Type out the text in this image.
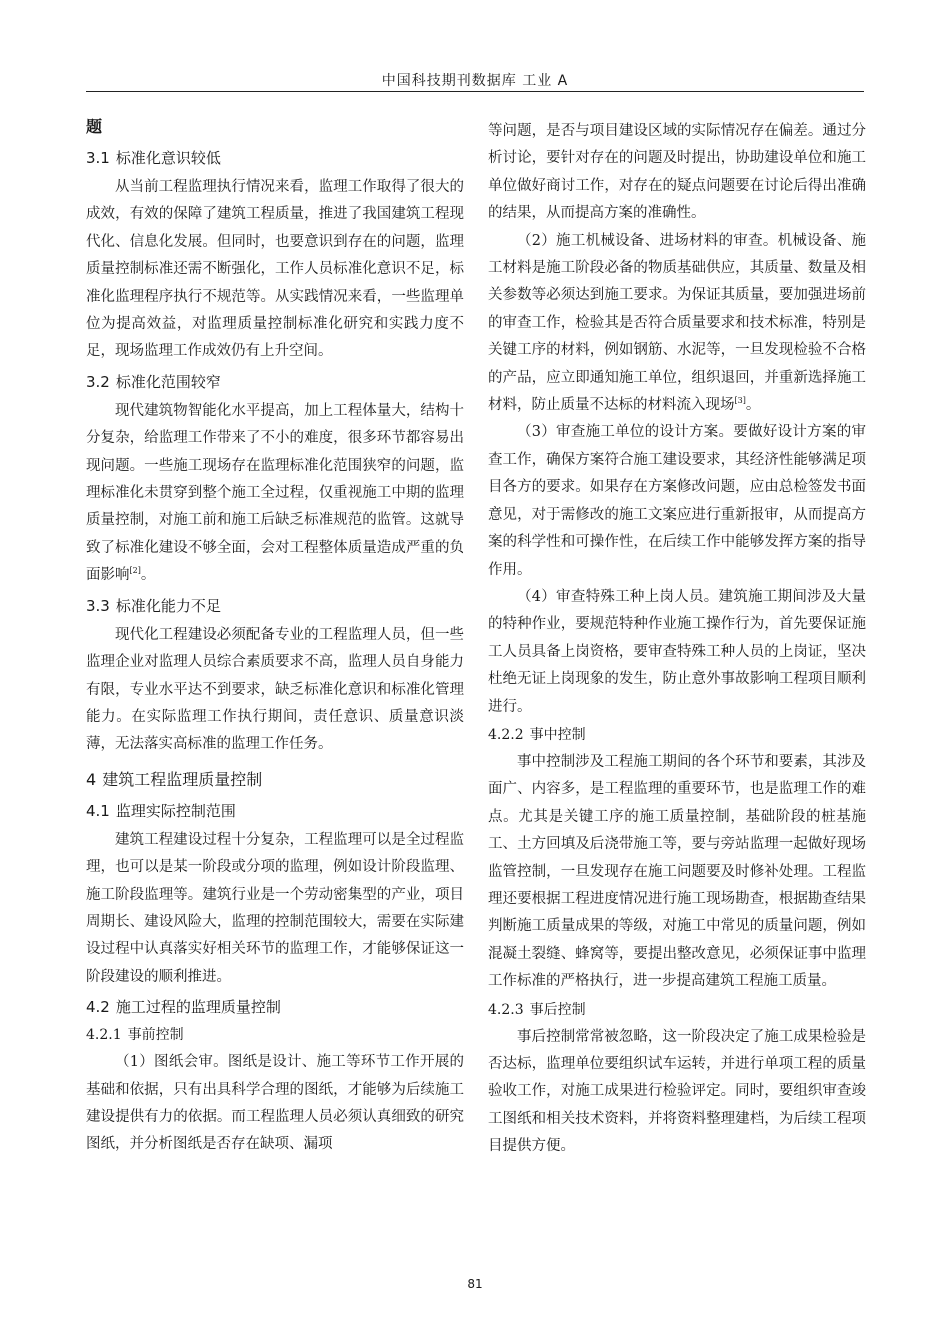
中国科技期刊数据库 工业 A
题
3.1 标准化意识较低

从当前工程监理执行情况来看，监理工作取得了很大的成效，有效的保障了建筑工程质量，推进了我国建筑工程现代化、信息化发展。但同时，也要意识到存在的问题，监理质量控制标准还需不断强化，工作人员标准化意识不足，标准化监理程序执行不规范等。从实践情况来看，一些监理单位为提高效益，对监理质量控制标准化研究和实践力度不足，现场监理工作成效仍有上升空间。

3.2 标准化范围较窄

现代建筑物智能化水平提高，加上工程体量大，结构十分复杂，给监理工作带来了不小的难度，很多环节都容易出现问题。一些施工现场存在监理标准化范围狭窄的问题，监理标准化未贯穿到整个施工全过程，仅重视施工中期的监理质量控制，对施工前和施工后缺乏标准规范的监管。这就导致了标准化建设不够全面，会对工程整体质量造成严重的负面影响[2]。

3.3 标准化能力不足

现代化工程建设必须配备专业的工程监理人员，但一些监理企业对监理人员综合素质要求不高，监理人员自身能力有限，专业水平达不到要求，缺乏标准化意识和标准化管理能力。在实际监理工作执行期间，责任意识、质量意识淡薄，无法落实高标准的监理工作任务。

4 建筑工程监理质量控制
4.1 监理实际控制范围

建筑工程建设过程十分复杂，工程监理可以是全过程监理，也可以是某一阶段或分项的监理，例如设计阶段监理、施工阶段监理等。建筑行业是一个劳动密集型的产业，项目周期长、建设风险大，监理的控制范围较大，需要在实际建设过程中认真落实好相关环节的监理工作，才能够保证这一阶段建设的顺利推进。

4.2 施工过程的监理质量控制
4.2.1 事前控制

（1）图纸会审。图纸是设计、施工等环节工作开展的基础和依据，只有出具科学合理的图纸，才能够为后续施工建设提供有力的依据。而工程监理人员必须认真细致的研究图纸，并分析图纸是否存在缺项、漏项

等问题，是否与项目建设区域的实际情况存在偏差。通过分析讨论，要针对存在的问题及时提出，协助建设单位和施工单位做好商讨工作，对存在的疑点问题要在讨论后得出准确的结果，从而提高方案的准确性。

（2）施工机械设备、进场材料的审查。机械设备、施工材料是施工阶段必备的物质基础供应，其质量、数量及相关参数等必须达到施工要求。为保证其质量，要加强进场前的审查工作，检验其是否符合质量要求和技术标准，特别是关键工序的材料，例如钢筋、水泥等，一旦发现检验不合格的产品，应立即通知施工单位，组织退回，并重新选择施工材料，防止质量不达标的材料流入现场[3]。

（3）审查施工单位的设计方案。要做好设计方案的审查工作，确保方案符合施工建设要求，其经济性能够满足项目各方的要求。如果存在方案修改问题，应由总检签发书面意见，对于需修改的施工文案应进行重新报审，从而提高方案的科学性和可操作性，在后续工作中能够发挥方案的指导作用。

（4）审查特殊工种上岗人员。建筑施工期间涉及大量的特种作业，要规范特种作业施工操作行为，首先要保证施工人员具备上岗资格，要审查特殊工种人员的上岗证，坚决杜绝无证上岗现象的发生，防止意外事故影响工程项目顺利进行。

4.2.2 事中控制

事中控制涉及工程施工期间的各个环节和要素，其涉及面广、内容多，是工程监理的重要环节，也是监理工作的难点。尤其是关键工序的施工质量控制，基础阶段的桩基施工、土方回填及后浇带施工等，要与旁站监理一起做好现场监管控制，一旦发现存在施工问题要及时修补处理。工程监理还要根据工程进度情况进行施工现场勘查，根据勘查结果判断施工质量成果的等级，对施工中常见的质量问题，例如混凝土裂缝、蜂窝等，要提出整改意见，必须保证事中监理工作标准的严格执行，进一步提高建筑工程施工质量。

4.2.3 事后控制

事后控制常常被忽略，这一阶段决定了施工成果检验是否达标，监理单位要组织试车运转，并进行单项工程的质量验收工作，对施工成果进行检验评定。同时，要组织审查竣工图纸和相关技术资料，并将资料整理建档，为后续工程项目提供方便。

81
